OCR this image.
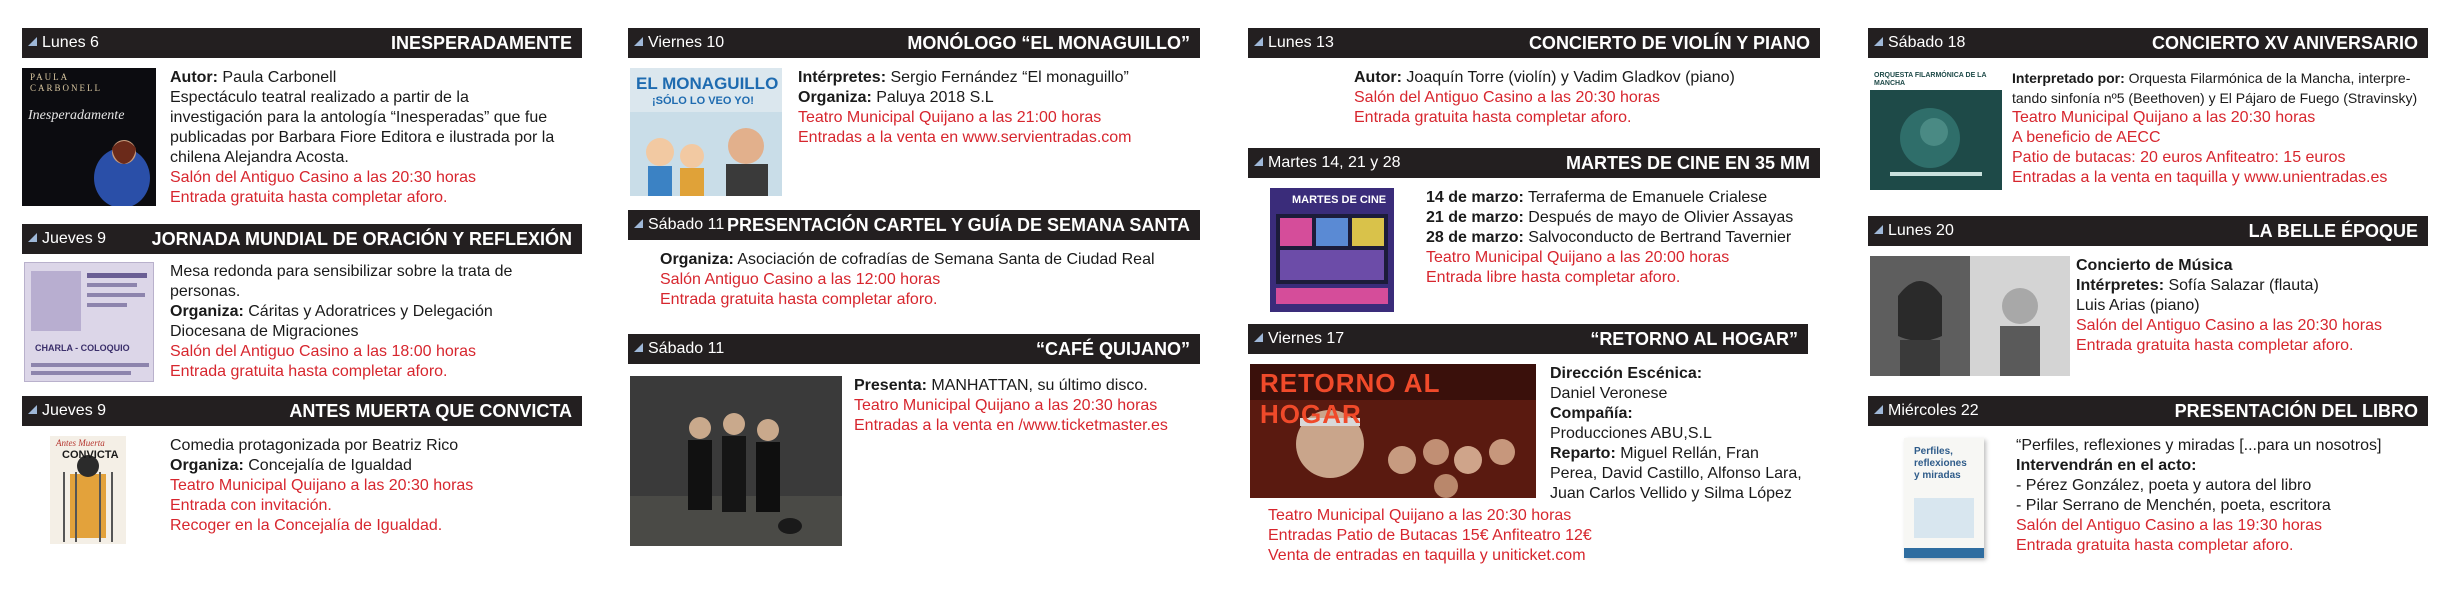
Lunes 6	INESPERADAMENTE
PAULA
CARBONELL
Inesperadamente
Autor: Paula Carbonell
Espectáculo teatral realizado a partir de la
investigación para la antología “Inesperadas” que fue
publicadas por Barbara Fiore Editora e ilustrada por la
chilena Alejandra Acosta.
Salón del Antiguo Casino a las 20:30 horas
Entrada gratuita hasta completar aforo.
Jueves 9	JORNADA MUNDIAL DE ORACIÓN Y REFLEXIÓN
CHARLA - COLOQUIO
Mesa redonda para sensibilizar sobre la trata de
personas.
Organiza: Cáritas y Adoratrices y Delegación
Diocesana de Migraciones
Salón del Antiguo Casino a las 18:00 horas
Entrada gratuita hasta completar aforo.
Jueves 9	ANTES MUERTA QUE CONVICTA
Antes Muerta
CONVICTA
Comedia protagonizada por Beatriz Rico
Organiza: Concejalía de Igualdad
Teatro Municipal Quijano a las 20:30 horas
Entrada con invitación.
Recoger en la Concejalía de Igualdad.
Viernes 10	MONÓLOGO “EL MONAGUILLO”
EL MONAGUILLO
¡SÓLO LO VEO YO!
Intérpretes: Sergio Fernández “El monaguillo”
Organiza: Paluya 2018 S.L
Teatro Municipal Quijano a las 21:00 horas
Entradas a la venta en www.servientradas.com
Sábado 11 PRESENTACIÓN CARTEL Y GUÍA DE SEMANA SANTA
Organiza: Asociación de cofradías de Semana Santa de Ciudad Real
Salón Antiguo Casino a las 12:00 horas
Entrada gratuita hasta completar aforo.
Sábado 11	“CAFÉ QUIJANO”
Presenta: MANHATTAN, su último disco.
Teatro Municipal Quijano a las 20:30 horas
Entradas a la venta en /www.ticketmaster.es
Lunes 13	CONCIERTO DE VIOLÍN Y PIANO
Autor: Joaquín Torre (violín) y Vadim Gladkov (piano)
Salón del Antiguo Casino a las 20:30 horas
Entrada gratuita hasta completar aforo.
Martes 14, 21 y 28	MARTES DE CINE EN 35 MM
MARTES DE CINE 14 de marzo: Terraferma de Emanuele Crialese
21 de marzo: Después de mayo de Olivier Assayas
28 de marzo: Salvoconducto de Bertrand Tavernier
Teatro Municipal Quijano a las 20:00 horas
Entrada libre hasta completar aforo.
Viernes 17	“RETORNO AL HOGAR”
RETORNO AL HOGAR
Dirección Escénica:
Daniel Veronese
Compañía:
Producciones ABU,S.L
Reparto: Miguel Rellán, Fran
Perea, David Castillo, Alfonso Lara,
Juan Carlos Vellido y Silma López
Teatro Municipal Quijano a las 20:30 horas
Entradas Patio de Butacas 15€ Anfiteatro 12€
Venta de entradas en taquilla y uniticket.com
Sábado 18	CONCIERTO XV ANIVERSARIO
ORQUESTA FILARMÓNICA DE LA MANCHA	Interpretado por: Orquesta Filarmónica de la Mancha, interpre-
tando sinfonía nº5 (Beethoven) y El Pájaro de Fuego (Stravinsky)
Teatro Municipal Quijano a las 20:30 horas
A beneficio de AECC
Patio de butacas: 20 euros Anfiteatro: 15 euros
Entradas a la venta en taquilla y www.unientradas.es
Lunes 20	LA BELLE ÉPOQUE
Concierto de Música
Intérpretes: Sofía Salazar (flauta)
Luis Arias (piano)
Salón del Antiguo Casino a las 20:30 horas
Entrada gratuita hasta completar aforo.
Miércoles 22	PRESENTACIÓN DEL LIBRO
Perfiles,
reflexiones
y miradas
“Perfiles, reflexiones y miradas [...para un nosotros]
Intervendrán en el acto:
- Pérez González, poeta y autora del libro
- Pilar Serrano de Menchén, poeta, escritora
Salón del Antiguo Casino a las 19:30 horas
Entrada gratuita hasta completar aforo.
